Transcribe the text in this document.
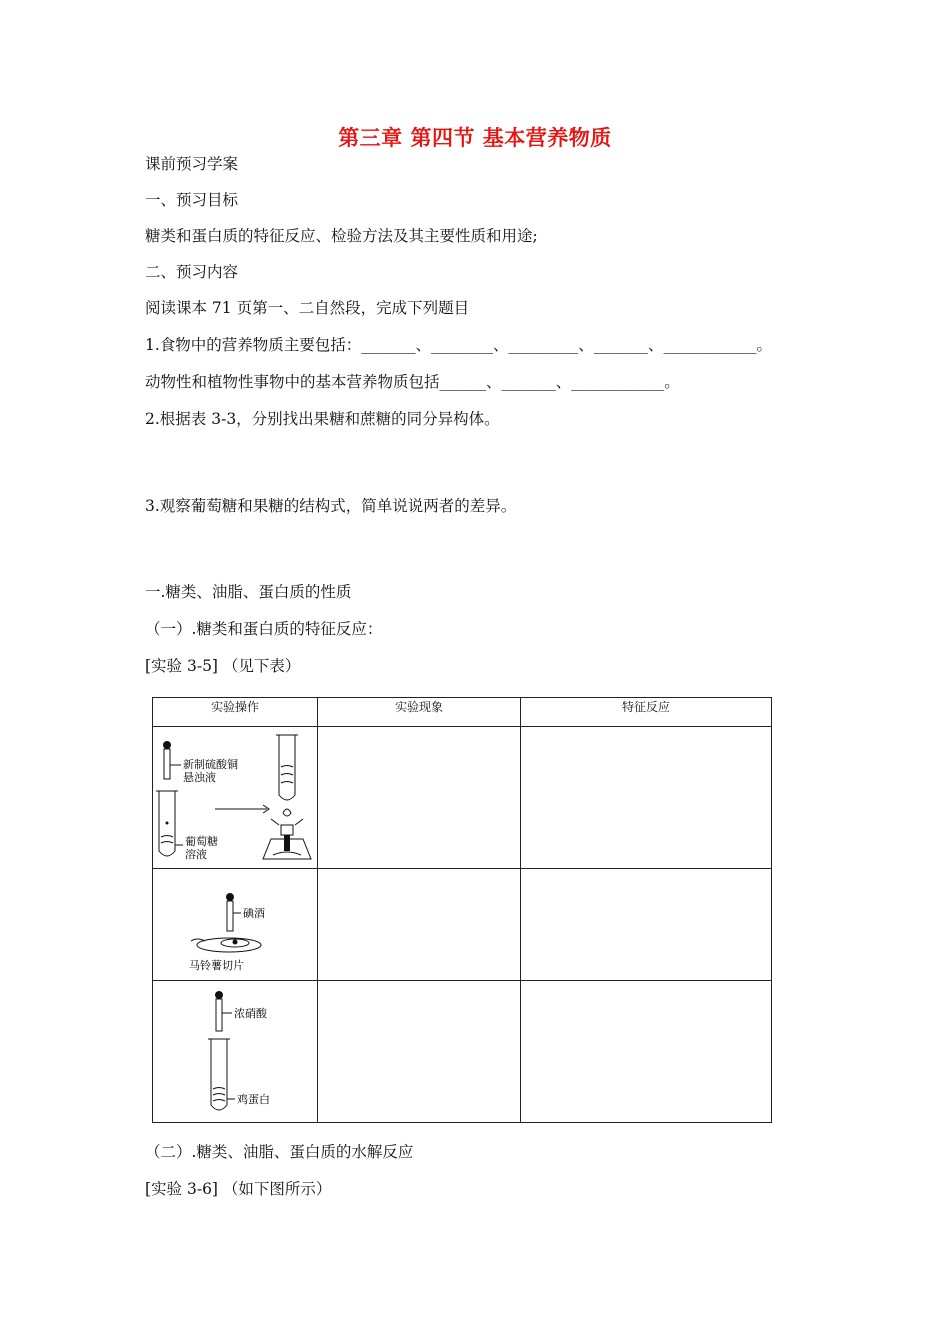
第三章 第四节 基本营养物质
课前预习学案
一、预习目标
糖类和蛋白质的特征反应、检验方法及其主要性质和用途;
二、预习内容
阅读课本 71 页第一、二自然段，完成下列题目
1.食物中的营养物质主要包括：_______、________、_________、_______、____________。
动物性和植物性事物中的基本营养物质包括______、_______、____________。
2.根据表 3-3，分别找出果糖和蔗糖的同分异构体。
3.观察葡萄糖和果糖的结构式，简单说说两者的差异。
一.糖类、油脂、蛋白质的性质
（一）.糖类和蛋白质的特征反应：
[实验 3-5] （见下表）
实验操作	实验现象	特征反应

新制硫酸铜
悬浊液
葡萄糖
溶液		

碘酒
马铃薯切片		

浓硝酸
鸡蛋白		

（二）.糖类、油脂、蛋白质的水解反应
[实验 3-6] （如下图所示）
